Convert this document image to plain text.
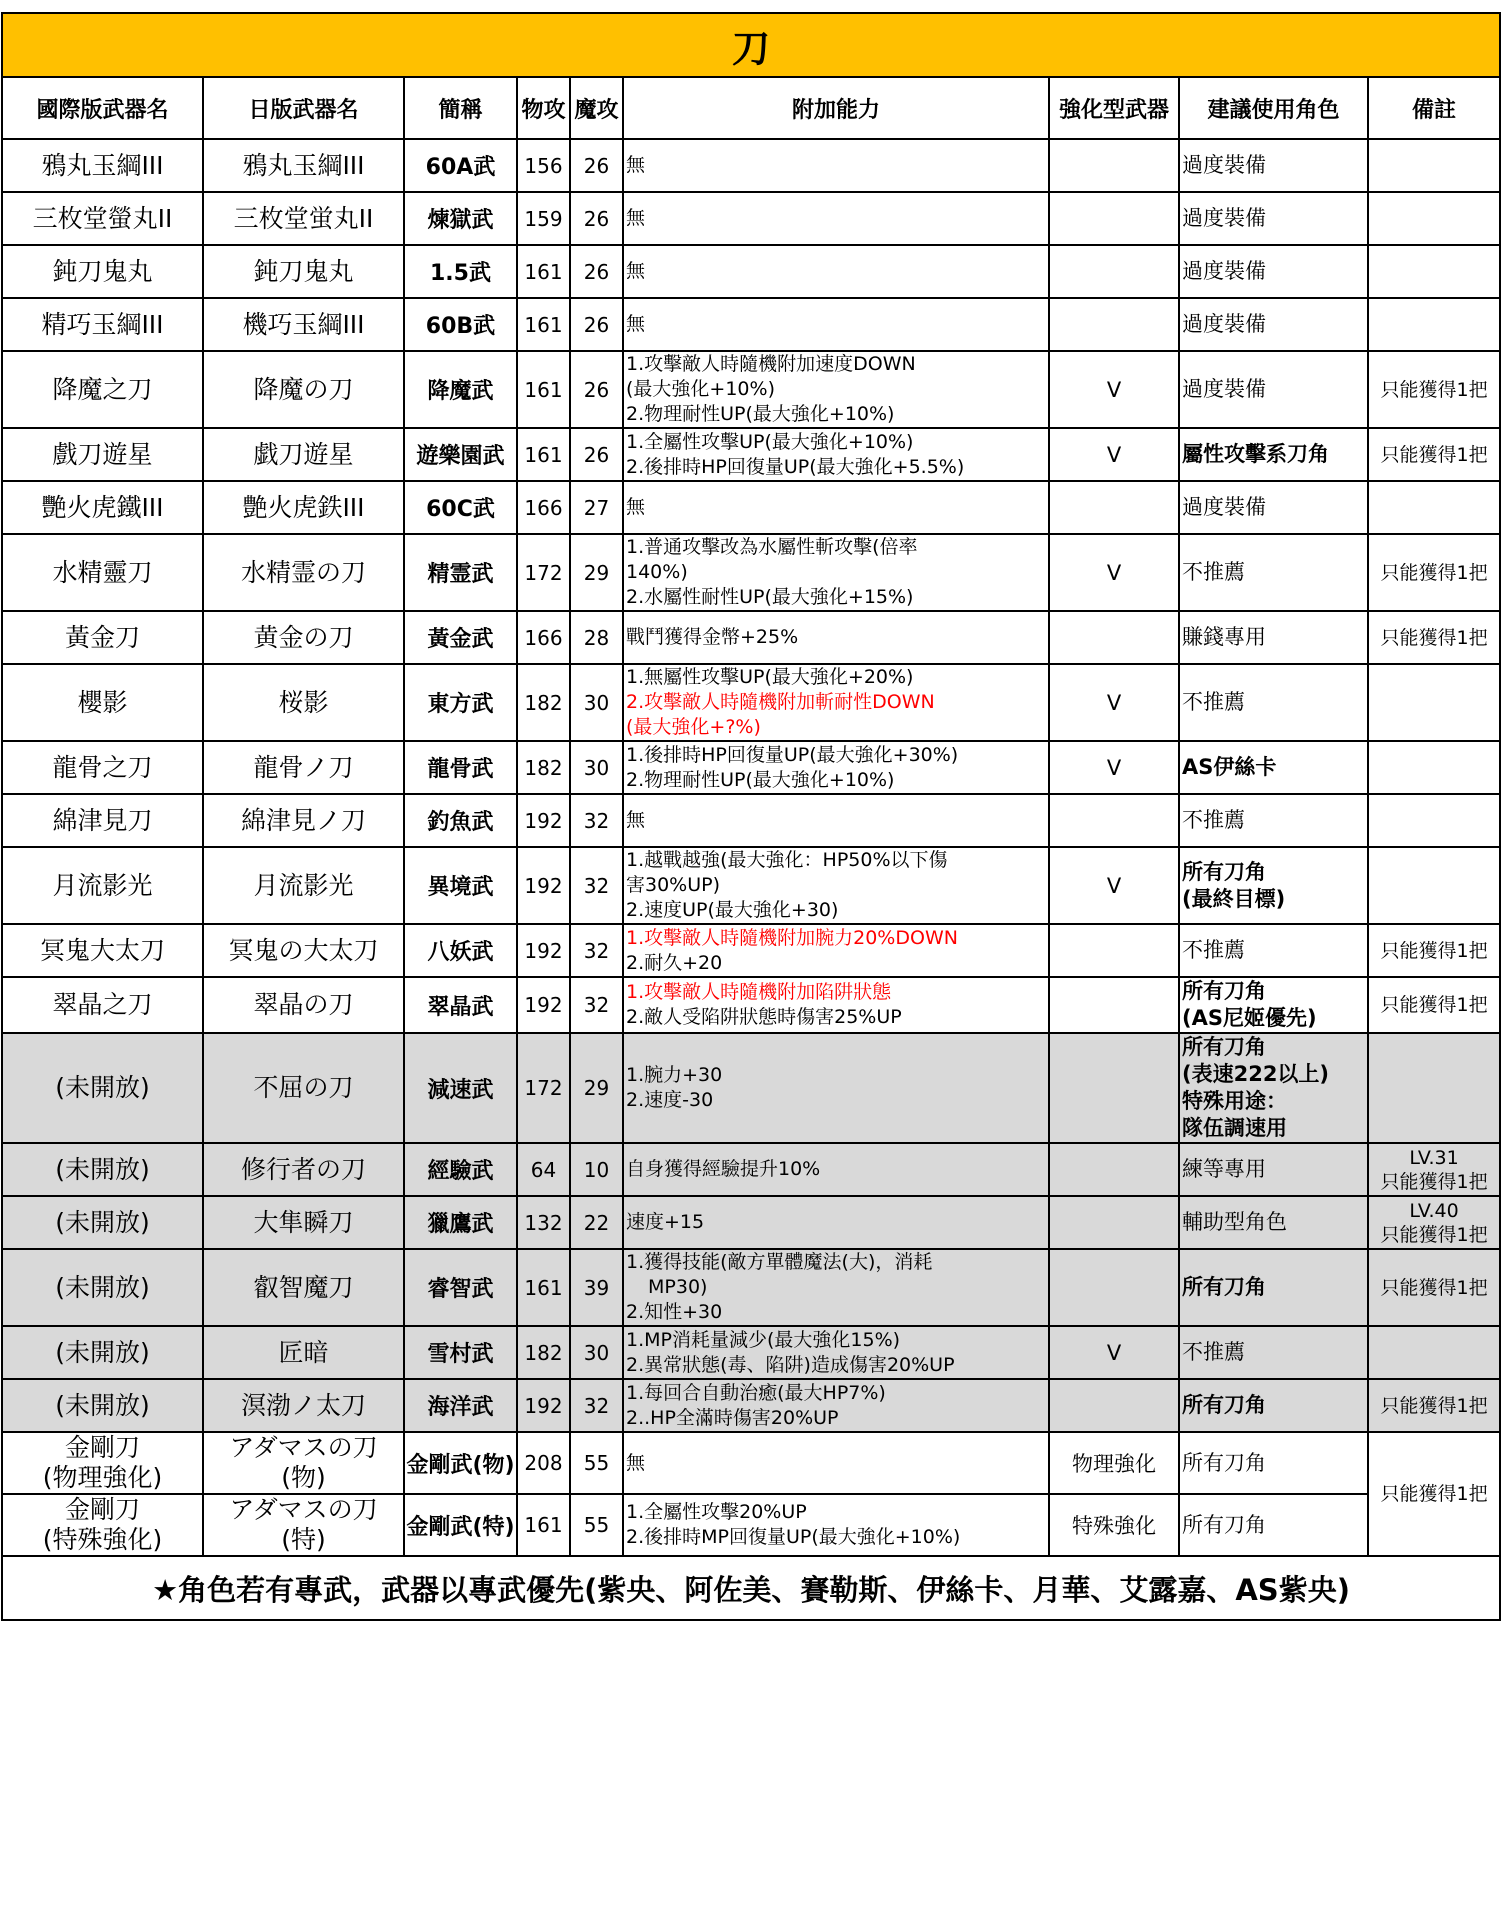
刀								
國際版武器名	日版武器名	簡稱	物攻	魔攻	附加能力	強化型武器	建議使用角色	備註

鴉丸玉綱III	鴉丸玉綱III	60A武	156	26	無		過度裝備	

三枚堂螢丸II	三枚堂蛍丸II	煉獄武	159	26	無		過度裝備	

鈍刀鬼丸	鈍刀鬼丸	1.5武	161	26	無		過度裝備	

精巧玉綱III	機巧玉綱III	60B武	161	26	無		過度裝備	

降魔之刀	降魔の刀	降魔武	161	26	1.攻擊敵人時隨機附加速度DOWN
(最大強化+10%)
2.物理耐性UP(最大強化+10%)	V	過度裝備	只能獲得1把

戲刀遊星	戯刀遊星	遊樂園武	161	26	1.全屬性攻擊UP(最大強化+10%)
2.後排時HP回復量UP(最大強化+5.5%)	V	屬性攻擊系刀角	只能獲得1把

艷火虎鐵III	艶火虎鉄III	60C武	166	27	無		過度裝備	

水精靈刀	水精霊の刀	精霊武	172	29	1.普通攻擊改為水屬性斬攻擊(倍率
140%)
2.水屬性耐性UP(最大強化+15%)	V	不推薦	只能獲得1把

黃金刀	黄金の刀	黃金武	166	28	戰鬥獲得金幣+25%		賺錢專用	只能獲得1把

櫻影	桜影	東方武	182	30	1.無屬性攻擊UP(最大強化+20%)
2.攻擊敵人時隨機附加斬耐性DOWN
(最大強化+?%)	V	不推薦	

龍骨之刀	龍骨ノ刀	龍骨武	182	30	1.後排時HP回復量UP(最大強化+30%)
2.物理耐性UP(最大強化+10%)	V	AS伊絲卡	

綿津見刀	綿津見ノ刀	釣魚武	192	32	無		不推薦	

月流影光	月流影光	異境武	192	32	1.越戰越強(最大強化：HP50%以下傷
害30%UP)
2.速度UP(最大強化+30)	V	所有刀角
(最終目標)	

冥鬼大太刀	冥鬼の大太刀	八妖武	192	32	1.攻擊敵人時隨機附加腕力20%DOWN
2.耐久+20		不推薦	只能獲得1把

翠晶之刀	翠晶の刀	翠晶武	192	32	1.攻擊敵人時隨機附加陷阱狀態
2.敵人受陷阱狀態時傷害25%UP		所有刀角
(AS尼姬優先)	只能獲得1把

(未開放)	不屈の刀	減速武	172	29	1.腕力+30
2.速度-30		所有刀角
(表速222以上)
特殊用途：
隊伍調速用	

(未開放)	修行者の刀	經驗武	64	10	自身獲得經驗提升10%		練等專用	LV.31
只能獲得1把

(未開放)	大隼瞬刀	獵鷹武	132	22	速度+15		輔助型角色	LV.40
只能獲得1把

(未開放)	叡智魔刀	睿智武	161	39	1.獲得技能(敵方單體魔法(大)，消耗
MP30)
2.知性+30		所有刀角	只能獲得1把

(未開放)	匠暗	雪村武	182	30	1.MP消耗量減少(最大強化15%)
2.異常狀態(毒、陷阱)造成傷害20%UP	V	不推薦	

(未開放)	溟渤ノ太刀	海洋武	192	32	1.每回合自動治癒(最大HP7%)
2..HP全滿時傷害20%UP		所有刀角	只能獲得1把

金剛刀
(物理強化)	アダマスの刀
(物)	金剛武(物)	208	55	無	物理強化	所有刀角	只能獲得1把

金剛刀
(特殊強化)	アダマスの刀
(特)	金剛武(特)	161	55	1.全屬性攻擊20%UP
2.後排時MP回復量UP(最大強化+10%)	特殊強化	所有刀角	

★角色若有專武，武器以專武優先(紫央、阿佐美、賽勒斯、伊絲卡、月華、艾露嘉、AS紫央)								
